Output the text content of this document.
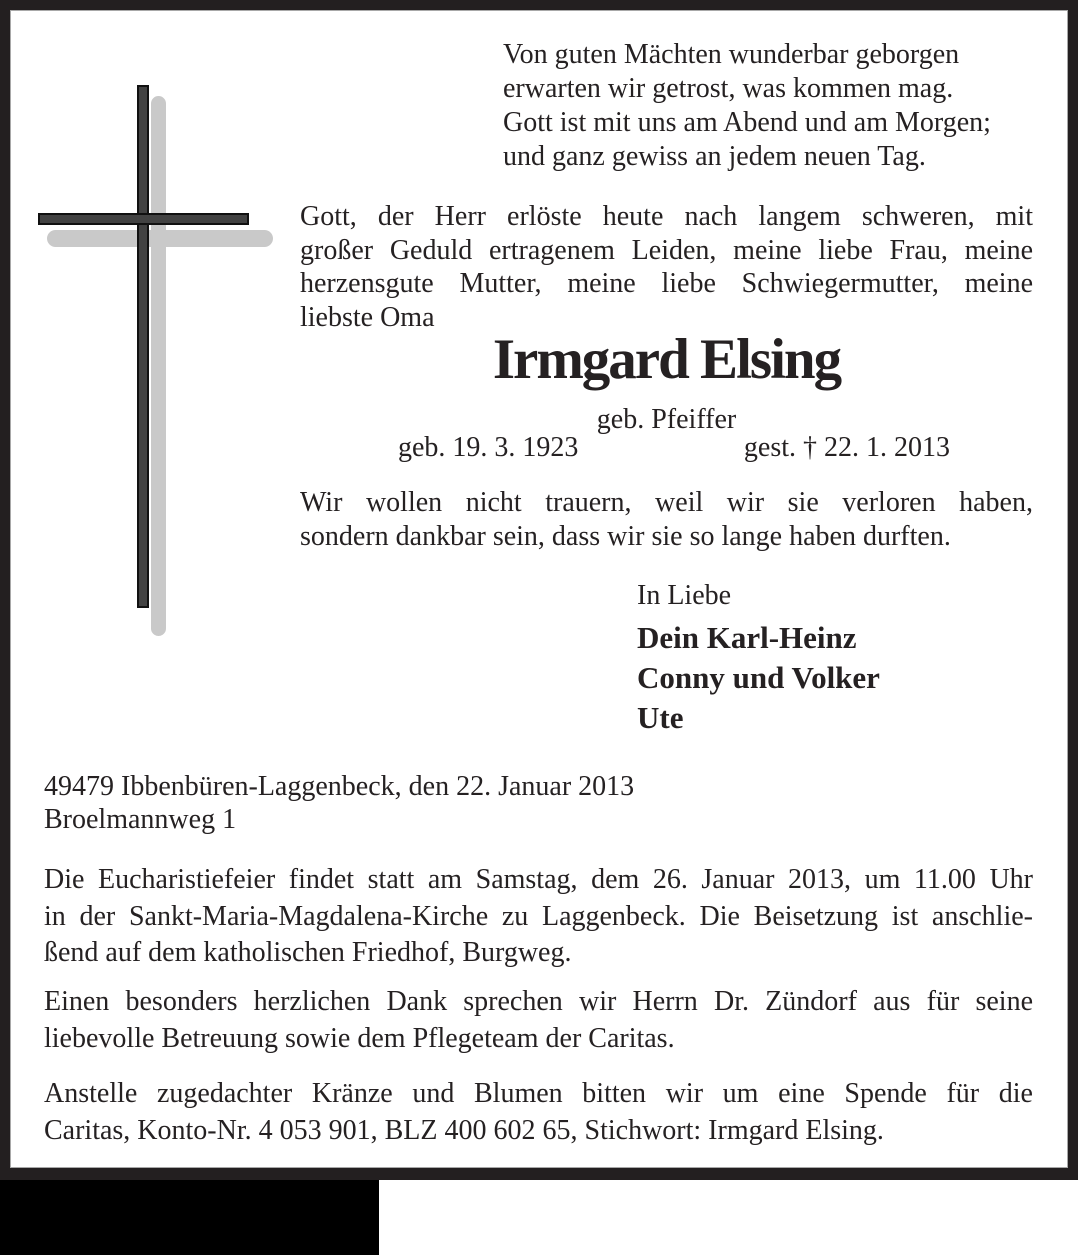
Von guten Mächten wunderbar geborgen
erwarten wir getrost, was kommen mag.
Gott ist mit uns am Abend und am Morgen;
und ganz gewiss an jedem neuen Tag.
Gott, der Herr erlöste heute nach langem schweren, mit
großer Geduld ertragenem Leiden, meine liebe Frau, meine
herzensgute Mutter, meine liebe Schwiegermutter, meine
liebste Oma
Irmgard Elsing
geb. Pfeiffer
geb. 19. 3. 1923	gest. † 22. 1. 2013
Wir wollen nicht trauern, weil wir sie verloren haben,
sondern dankbar sein, dass wir sie so lange haben durften.
In Liebe
Dein Karl-Heinz
Conny und Volker
Ute
49479 Ibbenbüren-Laggenbeck, den 22. Januar 2013
Broelmannweg 1
Die Eucharistiefeier findet statt am Samstag, dem 26. Januar 2013, um 11.00 Uhr
in der Sankt-Maria-Magdalena-Kirche zu Laggenbeck. Die Beisetzung ist anschlie-
ßend auf dem katholischen Friedhof, Burgweg.
Einen besonders herzlichen Dank sprechen wir Herrn Dr. Zündorf aus für seine
liebevolle Betreuung sowie dem Pflegeteam der Caritas.
Anstelle zugedachter Kränze und Blumen bitten wir um eine Spende für die
Caritas, Konto-Nr. 4 053 901, BLZ 400 602 65, Stichwort: Irmgard Elsing.
